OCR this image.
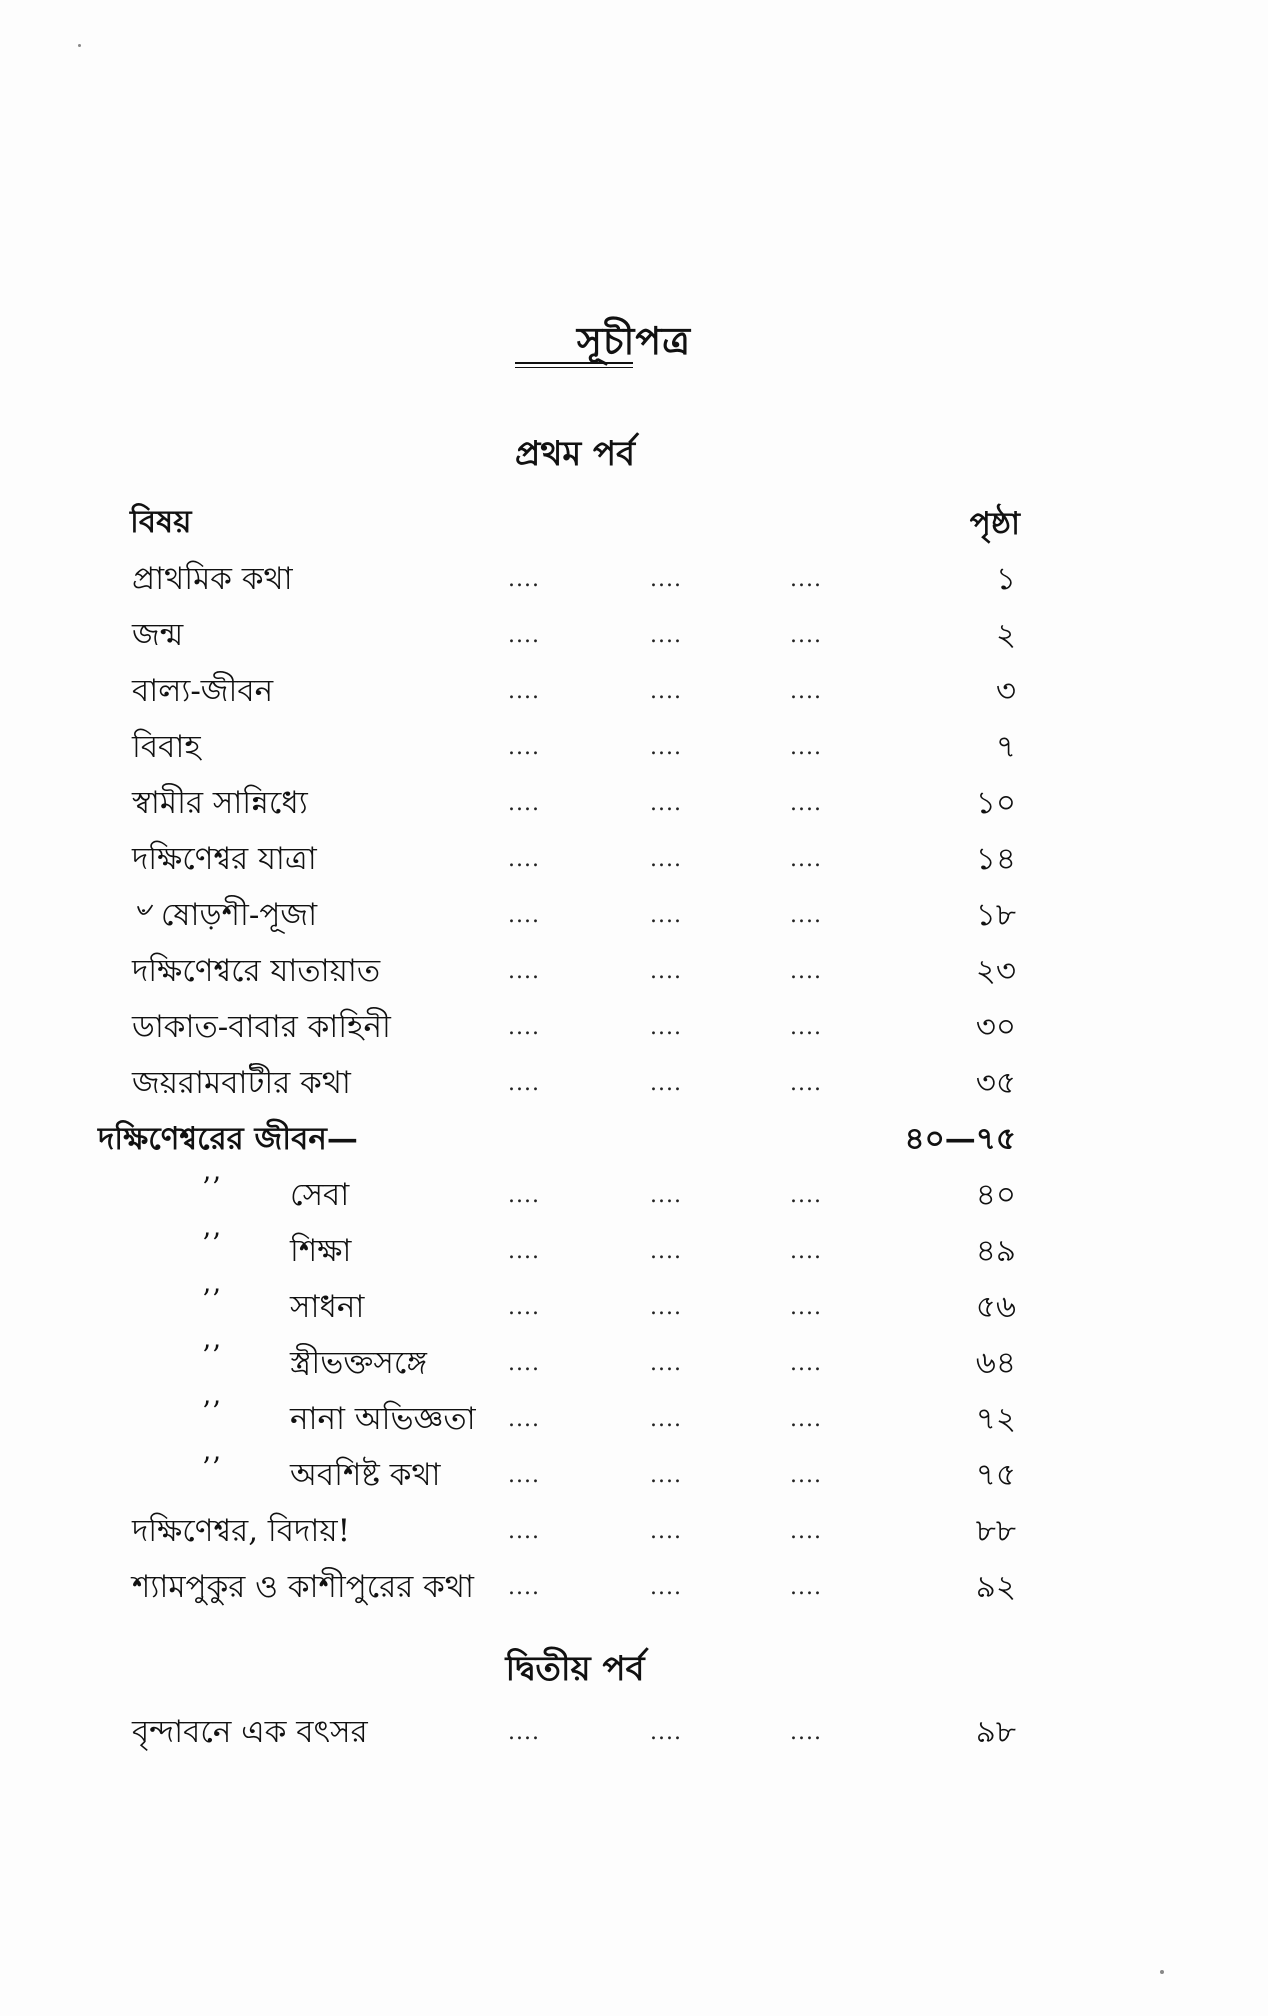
সূচীপত্র
প্রথম পর্ব
বিষয়	পৃষ্ঠা
প্রাথমিক কথা	....	....	....	১
জন্ম	....	....	....	২
বাল্য-জীবন	....	....	....	৩
বিবাহ	....	....	....	৭
স্বামীর সান্নিধ্যে	....	....	....	১০
দক্ষিণেশ্বর যাত্রা	....	....	....	১৪
৺ ষোড়শী-পূজা	....	....	....	১৮
দক্ষিণেশ্বরে যাতায়াত	....	....	....	২৩
ডাকাত-বাবার কাহিনী	....	....	....	৩০
জয়রামবাটীর কথা	....	....	....	৩৫
দক্ষিণেশ্বরের জীবন—	৪০—৭৫
’’ সেবা	....	....	....	৪০
’’ শিক্ষা	....	....	....	৪৯
’’ সাধনা	....	....	....	৫৬
’’ স্ত্রীভক্তসঙ্গে	....	....	....	৬৪
’’ নানা অভিজ্ঞতা ....	....	....	৭২
’’ অবশিষ্ট কথা	....	....	....	৭৫
দক্ষিণেশ্বর, বিদায়!	....	....	....	৮৮
শ্যামপুকুর ও কাশীপুরের কথা ....	....	....	৯২
দ্বিতীয় পর্ব
বৃন্দাবনে এক বৎসর	....	....	....	৯৮
